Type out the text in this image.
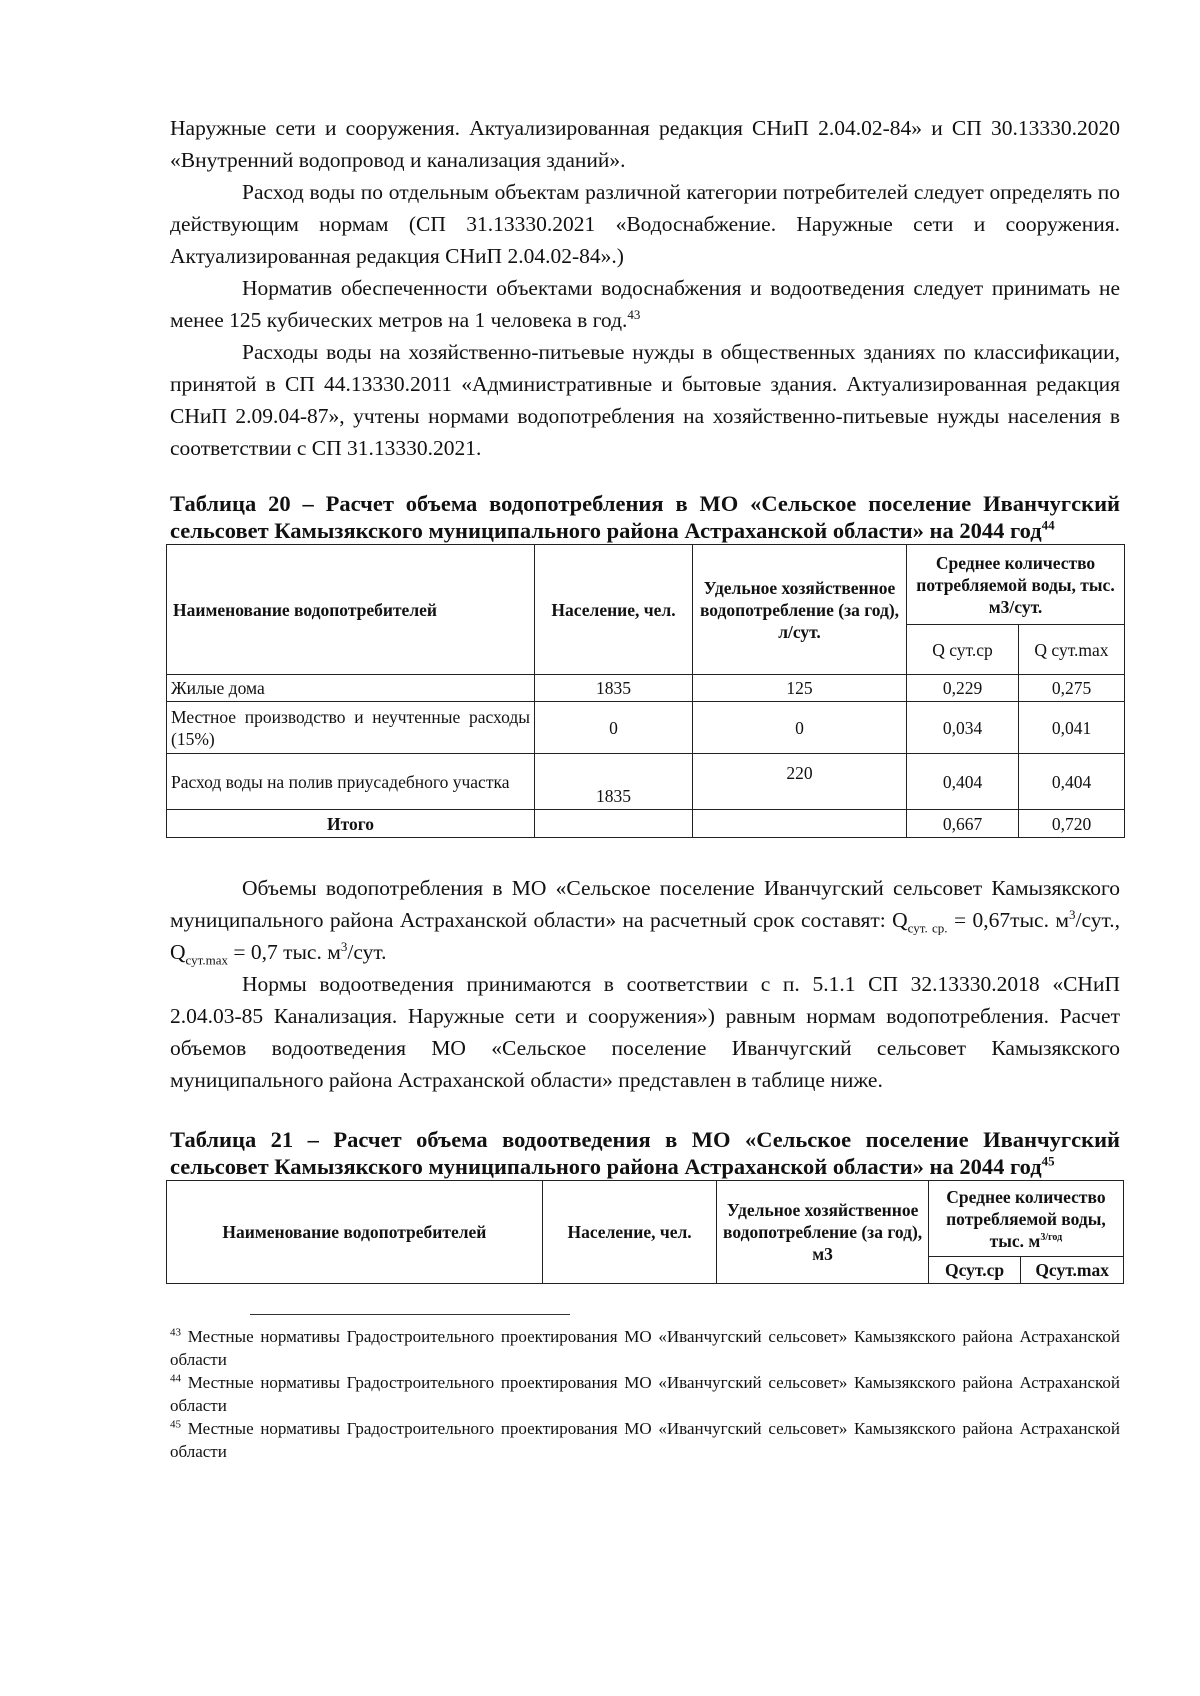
Наружные сети и сооружения. Актуализированная редакция СНиП 2.04.02-84» и СП 30.13330.2020 «Внутренний водопровод и канализация зданий».

Расход воды по отдельным объектам различной категории потребителей следует определять по действующим нормам (СП 31.13330.2021 «Водоснабжение. Наружные сети и сооружения. Актуализированная редакция СНиП 2.04.02-84».)

Норматив обеспеченности объектами водоснабжения и водоотведения следует принимать не менее 125 кубических метров на 1 человека в год.$^{43}$

Расходы воды на хозяйственно-питьевые нужды в общественных зданиях по классификации, принятой в СП 44.13330.2011 «Административные и бытовые здания. Актуализированная редакция СНиП 2.09.04-87», учтены нормами водопотребления на хозяйственно-питьевые нужды населения в соответствии с СП 31.13330.2021.

Таблица 20 – Расчет объема водопотребления в МО «Сельское поселение Иванчугский сельсовет Камызякского муниципального района Астраханской области» на 2044 год$^{44}$

Наименование водопотребителей	Население, чел.	Удельное хозяйственное водопотребление (за год), л/сут.	Среднее количество потребляемой воды, тыс. м3/сут.	
			Q сут.ср	Q сут.max
Жилые дома	1835	125	0,229	0,275
Местное производство и неучтенные расходы (15%)	0	0	0,034	0,041
Расход воды на полив приусадебного участка	1835	220	0,404	0,404
Итого			0,667	0,720

Объемы водопотребления в МО «Сельское поселение Иванчугский сельсовет Камызякского муниципального района Астраханской области» на расчетный срок составят: $Q_{сут. ср.} = 0,67тыс$. $м^3$/сут., $Q_{сут.max} = 0,7$ тыс. $м^3$/сут.

Нормы водоотведения принимаются в соответствии с п. 5.1.1 СП 32.13330.2018 «СНиП 2.04.03-85 Канализация. Наружные сети и сооружения») равным нормам водопотребления. Расчет объемов водоотведения МО «Сельское поселение Иванчугский сельсовет Камызякского муниципального района Астраханской области» представлен в таблице ниже.

Таблица 21 – Расчет объема водоотведения в МО «Сельское поселение Иванчугский сельсовет Камызякского муниципального района Астраханской области» на 2044 год$^{45}$

Наименование водопотребителей	Население, чел.	Удельное хозяйственное водопотребление (за год), м3	Среднее количество потребляемой воды, тыс. $м^{3/год}$
			Qсут.ср	Qсут.max

$^{43}$ Местные нормативы Градостроительного проектирования МО «Иванчугский сельсовет» Камызякского района Астраханской области

$^{44}$ Местные нормативы Градостроительного проектирования МО «Иванчугский сельсовет» Камызякского района Астраханской области

$^{45}$ Местные нормативы Градостроительного проектирования МО «Иванчугский сельсовет» Камызякского района Астраханской области
